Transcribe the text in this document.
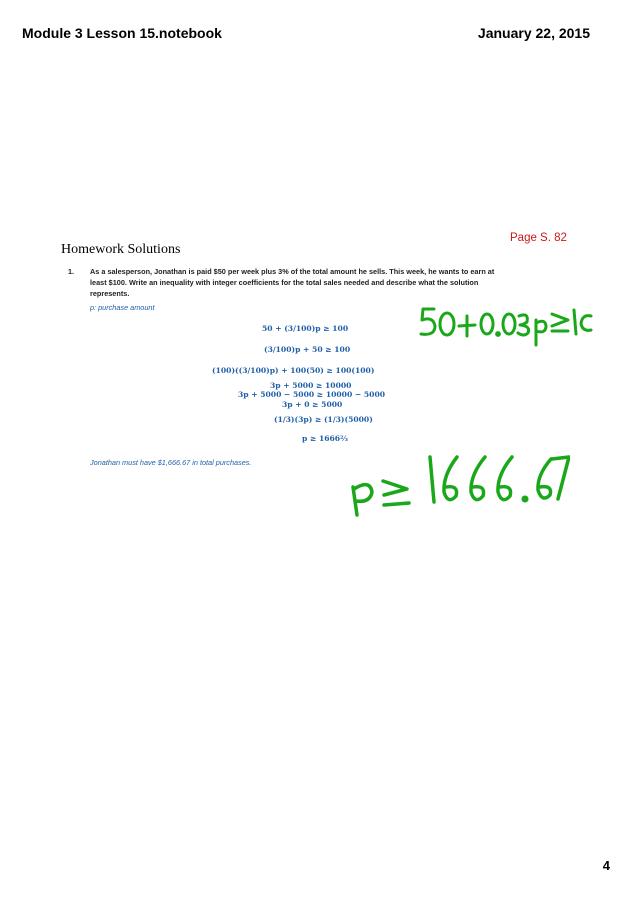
Module 3 Lesson 15.notebook	January 22, 2015
Page S. 82
Homework Solutions
1. As a salesperson, Jonathan is paid $50 per week plus 3% of the total amount he sells. This week, he wants to earn at least $100. Write an inequality with integer coefficients for the total sales needed and describe what the solution represents.
p: purchase amount
50 + (3/100)p ≥ 100
(3/100)p + 50 ≥ 100
(100)((3/100)p) + 100(50) ≥ 100(100)
3p + 5000 ≥ 10000
3p + 5000 − 5000 ≥ 10000 − 5000
3p + 0 ≥ 5000
(1/3)(3p) ≥ (1/3)(5000)
p ≥ 1666⅔
Jonathan must have $1,666.67 in total purchases.
4
